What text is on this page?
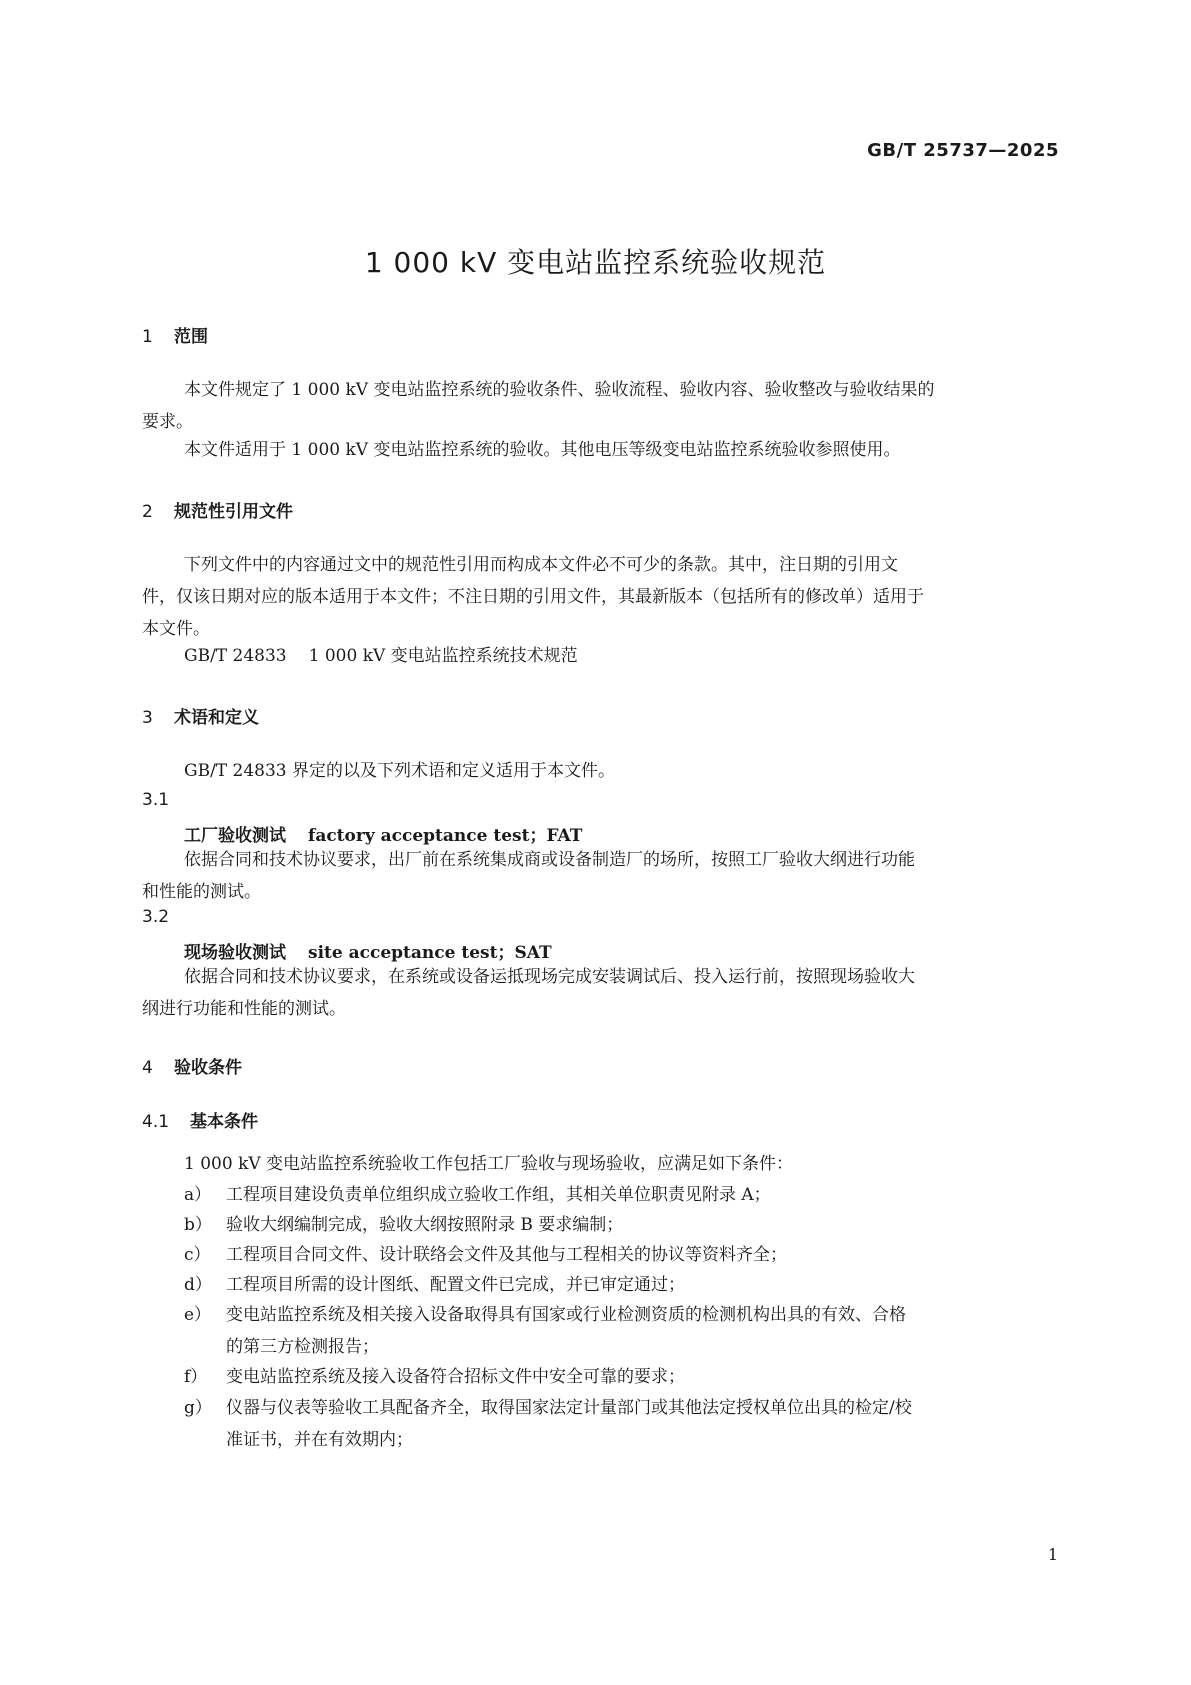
GB/T 25737—2025
1 000 kV 变电站监控系统验收规范
1 范围
本文件规定了 1 000 kV 变电站监控系统的验收条件、验收流程、验收内容、验收整改与验收结果的
要求。
本文件适用于 1 000 kV 变电站监控系统的验收。其他电压等级变电站监控系统验收参照使用。
2 规范性引用文件
下列文件中的内容通过文中的规范性引用而构成本文件必不可少的条款。其中，注日期的引用文
件，仅该日期对应的版本适用于本文件；不注日期的引用文件，其最新版本（包括所有的修改单）适用于
本文件。
GB/T 24833 1 000 kV 变电站监控系统技术规范
3 术语和定义
GB/T 24833 界定的以及下列术语和定义适用于本文件。
3.1
工厂验收测试 factory acceptance test；FAT
依据合同和技术协议要求，出厂前在系统集成商或设备制造厂的场所，按照工厂验收大纲进行功能
和性能的测试。
3.2
现场验收测试 site acceptance test；SAT
依据合同和技术协议要求，在系统或设备运抵现场完成安装调试后、投入运行前，按照现场验收大
纲进行功能和性能的测试。
4 验收条件
4.1 基本条件
1 000 kV 变电站监控系统验收工作包括工厂验收与现场验收，应满足如下条件：
a） 工程项目建设负责单位组织成立验收工作组，其相关单位职责见附录 A；
b） 验收大纲编制完成，验收大纲按照附录 B 要求编制；
c） 工程项目合同文件、设计联络会文件及其他与工程相关的协议等资料齐全；
d） 工程项目所需的设计图纸、配置文件已完成，并已审定通过；
e） 变电站监控系统及相关接入设备取得具有国家或行业检测资质的检测机构出具的有效、合格
的第三方检测报告；
f） 变电站监控系统及接入设备符合招标文件中安全可靠的要求；
g） 仪器与仪表等验收工具配备齐全，取得国家法定计量部门或其他法定授权单位出具的检定/校
准证书，并在有效期内；
1
